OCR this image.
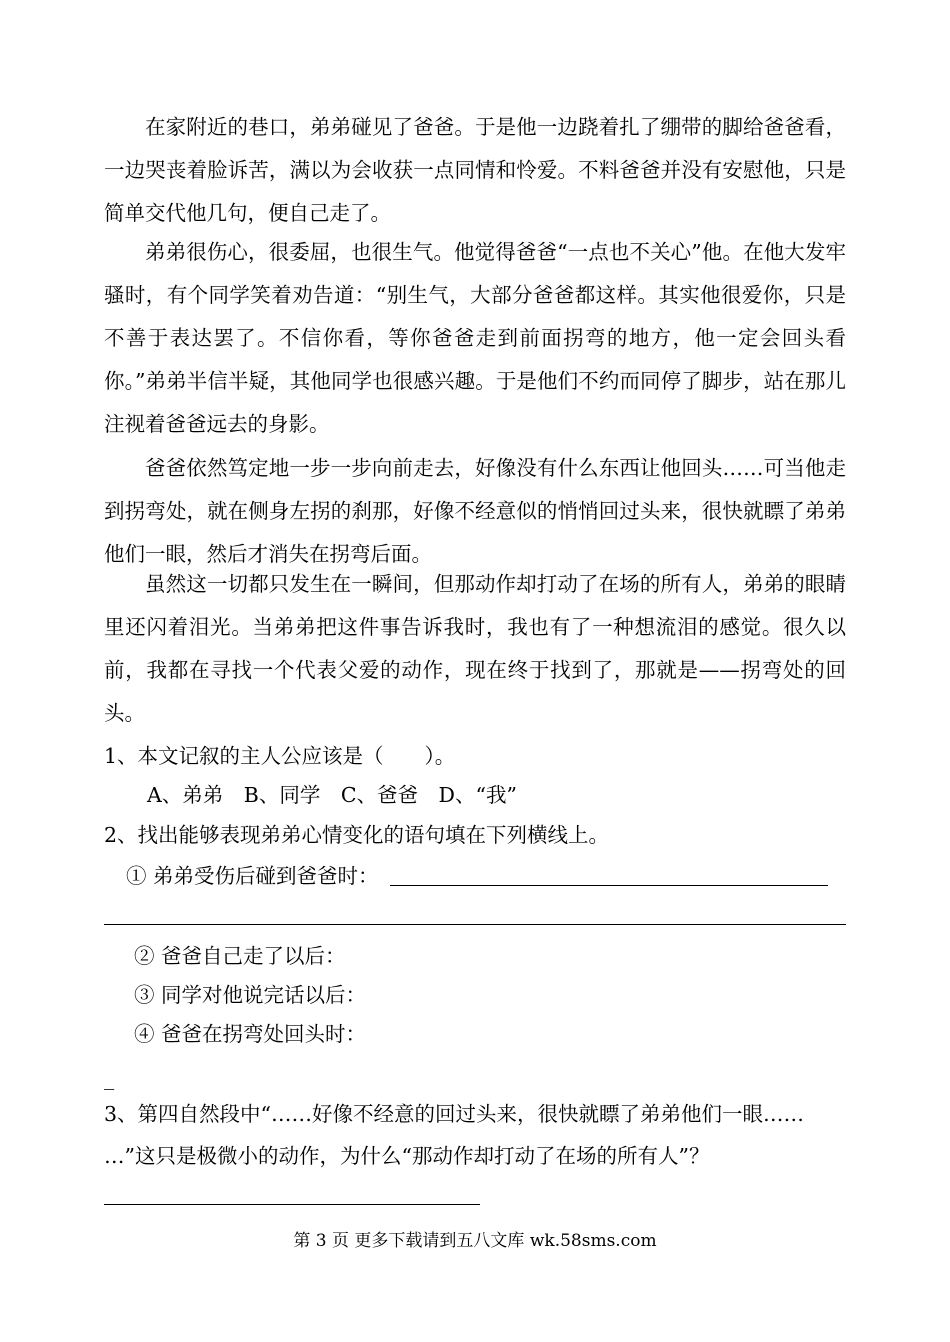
在家附近的巷口，弟弟碰见了爸爸。于是他一边跷着扎了绷带的脚给爸爸看，一边哭丧着脸诉苦，满以为会收获一点同情和怜爱。不料爸爸并没有安慰他，只是简单交代他几句，便自己走了。

弟弟很伤心，很委屈，也很生气。他觉得爸爸“一点也不关心”他。在他大发牢骚时，有个同学笑着劝告道：“别生气，大部分爸爸都这样。其实他很爱你，只是不善于表达罢了。不信你看，等你爸爸走到前面拐弯的地方，他一定会回头看你。”弟弟半信半疑，其他同学也很感兴趣。于是他们不约而同停了脚步，站在那儿注视着爸爸远去的身影。

爸爸依然笃定地一步一步向前走去，好像没有什么东西让他回头……可当他走到拐弯处，就在侧身左拐的刹那，好像不经意似的悄悄回过头来，很快就瞟了弟弟他们一眼，然后才消失在拐弯后面。

虽然这一切都只发生在一瞬间，但那动作却打动了在场的所有人，弟弟的眼睛里还闪着泪光。当弟弟把这件事告诉我时，我也有了一种想流泪的感觉。很久以前，我都在寻找一个代表父爱的动作，现在终于找到了，那就是——拐弯处的回头。

1、本文记叙的主人公应该是（　　）。
A、弟弟　B、同学　C、爸爸　D、“我”
2、找出能够表现弟弟心情变化的语句填在下列横线上。
① 弟弟受伤后碰到爸爸时：
② 爸爸自己走了以后：
③ 同学对他说完话以后：
④ 爸爸在拐弯处回头时：
_
3、第四自然段中“……好像不经意的回过头来，很快就瞟了弟弟他们一眼……
…”这只是极微小的动作，为什么“那动作却打动了在场的所有人”？
第 3 页 更多下载请到五八文库 wk.58sms.com
